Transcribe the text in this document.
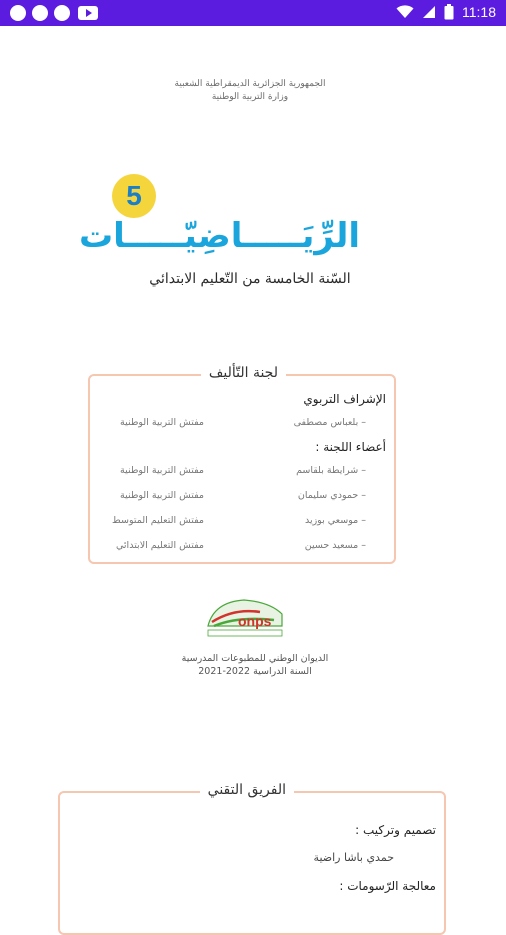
11:18
الجمهورية الجزائرية الديمقراطية الشعبية
وزارة التربية الوطنية
5
الرِّيَـــــاضِيّـــــات
السّنة الخامسة من التّعليم الابتدائي
لجنة التّأليف
الإشراف التربوي
– بلعباس مصطفى
مفتش التربية الوطنية
أعضاء اللجنة :
– شرايطة بلقاسم
مفتش التربية الوطنية
– حمودي سليمان
مفتش التربية الوطنية
– موسعي بوزيد
مفتش التعليم المتوسط
– مسعيد حسين
مفتش التعليم الابتدائي
onps
الديوان الوطني للمطبوعات المدرسية
السنة الدراسية 2022-2021
الفريق التقني
تصميم وتركيب :
حمدي باشا راضية
معالجة الرّسومات :
